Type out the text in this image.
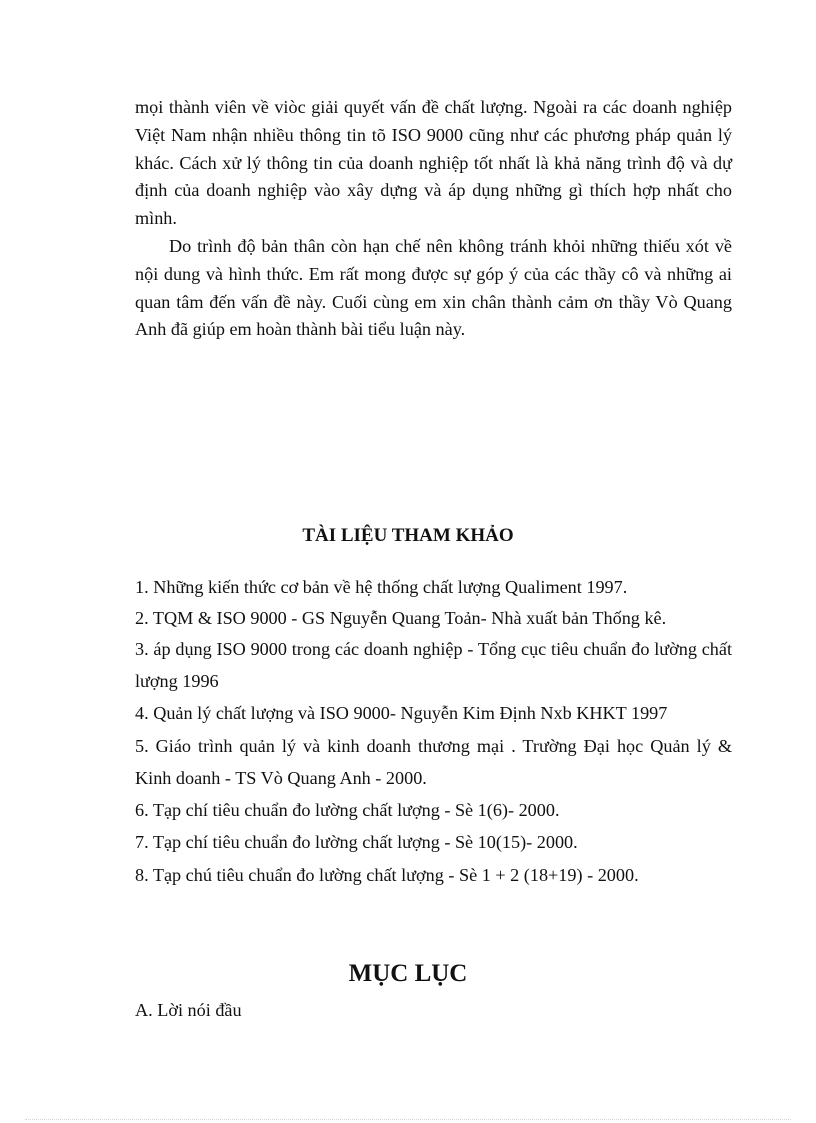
mọi thành viên về viòc giải quyết vấn đề chất lượng. Ngoài ra các doanh nghiệp Việt Nam nhận nhiều thông tin tõ ISO 9000 cũng như các phương pháp quản lý khác. Cách xử lý thông tin của doanh nghiệp tốt nhất là khả năng trình độ và dự định của doanh nghiệp vào xây dựng và áp dụng những gì thích hợp nhất cho mình.

Do trình độ bản thân còn hạn chế nên không tránh khỏi những thiếu xót về nội dung và hình thức. Em rất mong được sự góp ý của các thầy cô và những ai quan tâm đến vấn đề này. Cuối cùng em xin chân thành cảm ơn thầy Vò Quang Anh đã giúp em hoàn thành bài tiểu luận này.

TÀI LIỆU THAM KHẢO

1. Những kiến thức cơ bản về hệ thống chất lượng Qualiment 1997.

2. TQM & ISO 9000 - GS Nguyễn Quang Toản- Nhà xuất bản Thống kê.

3. áp dụng ISO 9000 trong các doanh nghiệp - Tổng cục tiêu chuẩn đo lường chất lượng 1996

4. Quản lý chất lượng và ISO 9000- Nguyễn Kim Định Nxb KHKT 1997

5. Giáo trình quản lý và kinh doanh thương mại . Trường Đại học Quản lý & Kinh doanh - TS Vò Quang Anh - 2000.

6. Tạp chí tiêu chuẩn đo lường chất lượng - Sè 1(6)- 2000.

7. Tạp chí tiêu chuẩn đo lường chất lượng - Sè 10(15)- 2000.

8. Tạp chú tiêu chuẩn đo lường chất lượng - Sè 1 + 2 (18+19) - 2000.

MỤC LỤC

A. Lời nói đầu
